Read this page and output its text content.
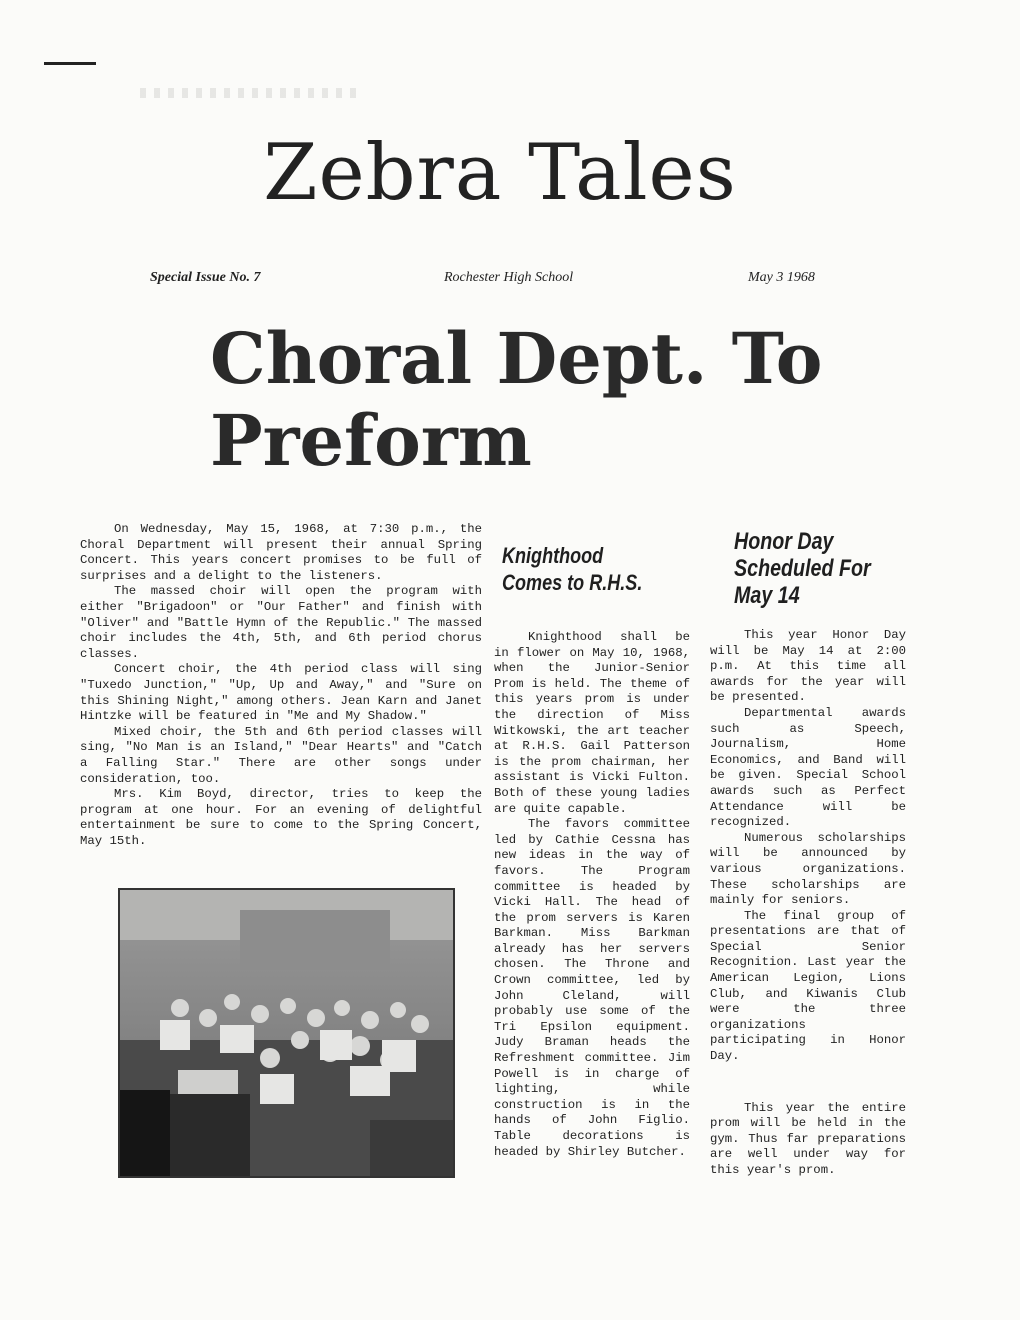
Zebra Tales
Special Issue No. 7	Rochester High School	May 3 1968
Choral Dept. To Preform

On Wednesday, May 15, 1968, at 7:30 p.m., the Choral Department will present their annual Spring Concert. This years concert promises to be full of surprises and a delight to the listeners.

The massed choir will open the program with either "Brigadoon" or "Our Father" and finish with "Oliver" and "Battle Hymn of the Republic." The massed choir includes the 4th, 5th, and 6th period chorus classes.

Concert choir, the 4th period class will sing "Tuxedo Junction," "Up, Up and Away," and "Sure on this Shining Night," among others. Jean Karn and Janet Hintzke will be featured in "Me and My Shadow."

Mixed choir, the 5th and 6th period classes will sing, "No Man is an Island," "Dear Hearts" and "Catch a Falling Star." There are other songs under consideration, too.

Mrs. Kim Boyd, director, tries to keep the program at one hour. For an evening of delightful entertainment be sure to come to the Spring Concert, May 15th.

Knighthood Comes to R.H.S.

Knighthood shall be in flower on May 10, 1968, when the Junior-Senior Prom is held. The theme of this years prom is under the direction of Miss Witkowski, the art teacher at R.H.S. Gail Patterson is the prom chairman, her assistant is Vicki Fulton. Both of these young ladies are quite capable.

The favors committee led by Cathie Cessna has new ideas in the way of favors. The Program committee is headed by Vicki Hall. The head of the prom servers is Karen Barkman. Miss Barkman already has her servers chosen. The Throne and Crown committee, led by John Cleland, will probably use some of the Tri Epsilon equipment. Judy Braman heads the Refreshment committee. Jim Powell is in charge of lighting, while construction is in the hands of John Figlio. Table decorations is headed by Shirley Butcher.

Honor Day Scheduled For May 14

This year Honor Day will be May 14 at 2:00 p.m. At this time all awards for the year will be presented.

Departmental awards such as Speech, Journalism, Home Economics, and Band will be given. Special School awards such as Perfect Attendance will be recognized.

Numerous scholarships will be announced by various organizations. These scholarships are mainly for seniors.

The final group of presentations are that of Special Senior Recognition. Last year the American Legion, Lions Club, and Kiwanis Club were the three organizations participating in Honor Day.

This year the entire prom will be held in the gym. Thus far preparations are well under way for this year's prom.
